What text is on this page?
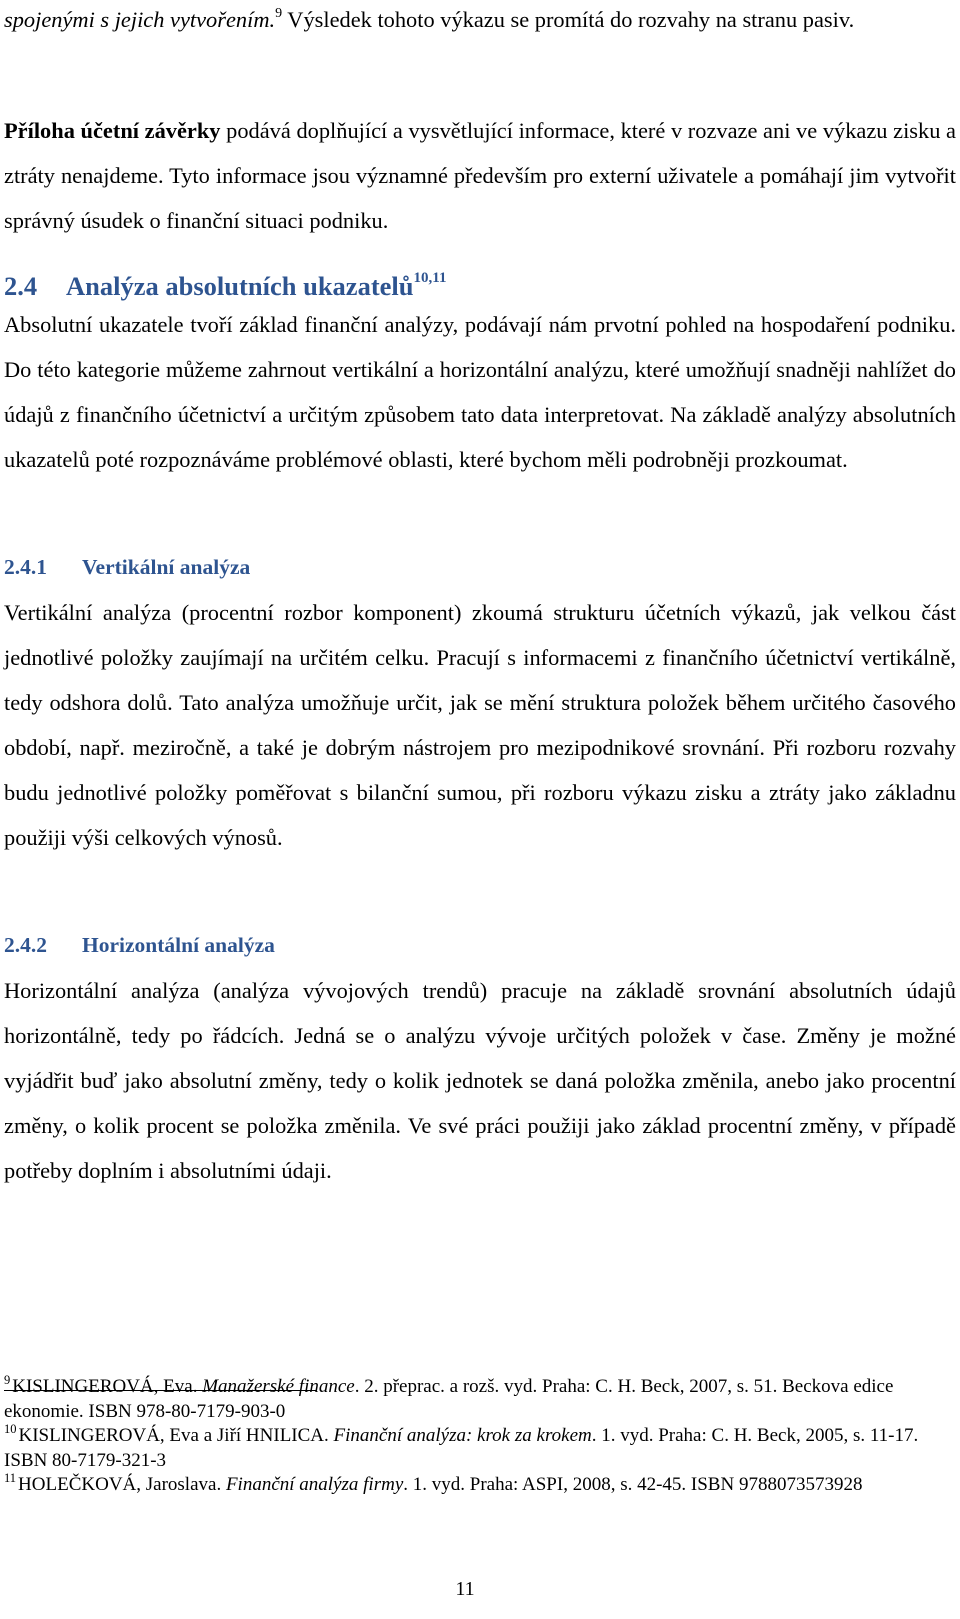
spojenými s jejich vytvořením.$^9$ Výsledek tohoto výkazu se promítá do rozvahy na stranu pasiv.

Příloha účetní závěrky podává doplňující a vysvětlující informace, které v rozvaze ani ve výkazu zisku a ztráty nenajdeme. Tyto informace jsou významné především pro externí uživatele a pomáhají jim vytvořit správný úsudek o finanční situaci podniku.

2.4 Analýza absolutních ukazatelů$^{10,11}$

Absolutní ukazatele tvoří základ finanční analýzy, podávají nám prvotní pohled na hospodaření podniku. Do této kategorie můžeme zahrnout vertikální a horizontální analýzu, které umožňují snadněji nahlížet do údajů z finančního účetnictví a určitým způsobem tato data interpretovat. Na základě analýzy absolutních ukazatelů poté rozpoznáváme problémové oblasti, které bychom měli podrobněji prozkoumat.

2.4.1 Vertikální analýza

Vertikální analýza (procentní rozbor komponent) zkoumá strukturu účetních výkazů, jak velkou část jednotlivé položky zaujímají na určitém celku. Pracují s informacemi z finančního účetnictví vertikálně, tedy odshora dolů. Tato analýza umožňuje určit, jak se mění struktura položek během určitého časového období, např. meziročně, a také je dobrým nástrojem pro mezipodnikové srovnání. Při rozboru rozvahy budu jednotlivé položky poměřovat s bilanční sumou, při rozboru výkazu zisku a ztráty jako základnu použiji výši celkových výnosů.

2.4.2 Horizontální analýza

Horizontální analýza (analýza vývojových trendů) pracuje na základě srovnání absolutních údajů horizontálně, tedy po řádcích. Jedná se o analýzu vývoje určitých položek v čase. Změny je možné vyjádřit buď jako absolutní změny, tedy o kolik jednotek se daná položka změnila, anebo jako procentní změny, o kolik procent se položka změnila. Ve své práci použiji jako základ procentní změny, v případě potřeby doplním i absolutními údaji.

$^9$ KISLINGEROVÁ, Eva. Manažerské finance. 2. přeprac. a rozš. vyd. Praha: C. H. Beck, 2007, s. 51. Beckova edice ekonomie. ISBN 978-80-7179-903-0

$^{10}$ KISLINGEROVÁ, Eva a Jiří HNILICA. Finanční analýza: krok za krokem. 1. vyd. Praha: C. H. Beck, 2005, s. 11-17. ISBN 80-7179-321-3

$^{11}$ HOLEČKOVÁ, Jaroslava. Finanční analýza firmy. 1. vyd. Praha: ASPI, 2008, s. 42-45. ISBN 9788073573928

11
